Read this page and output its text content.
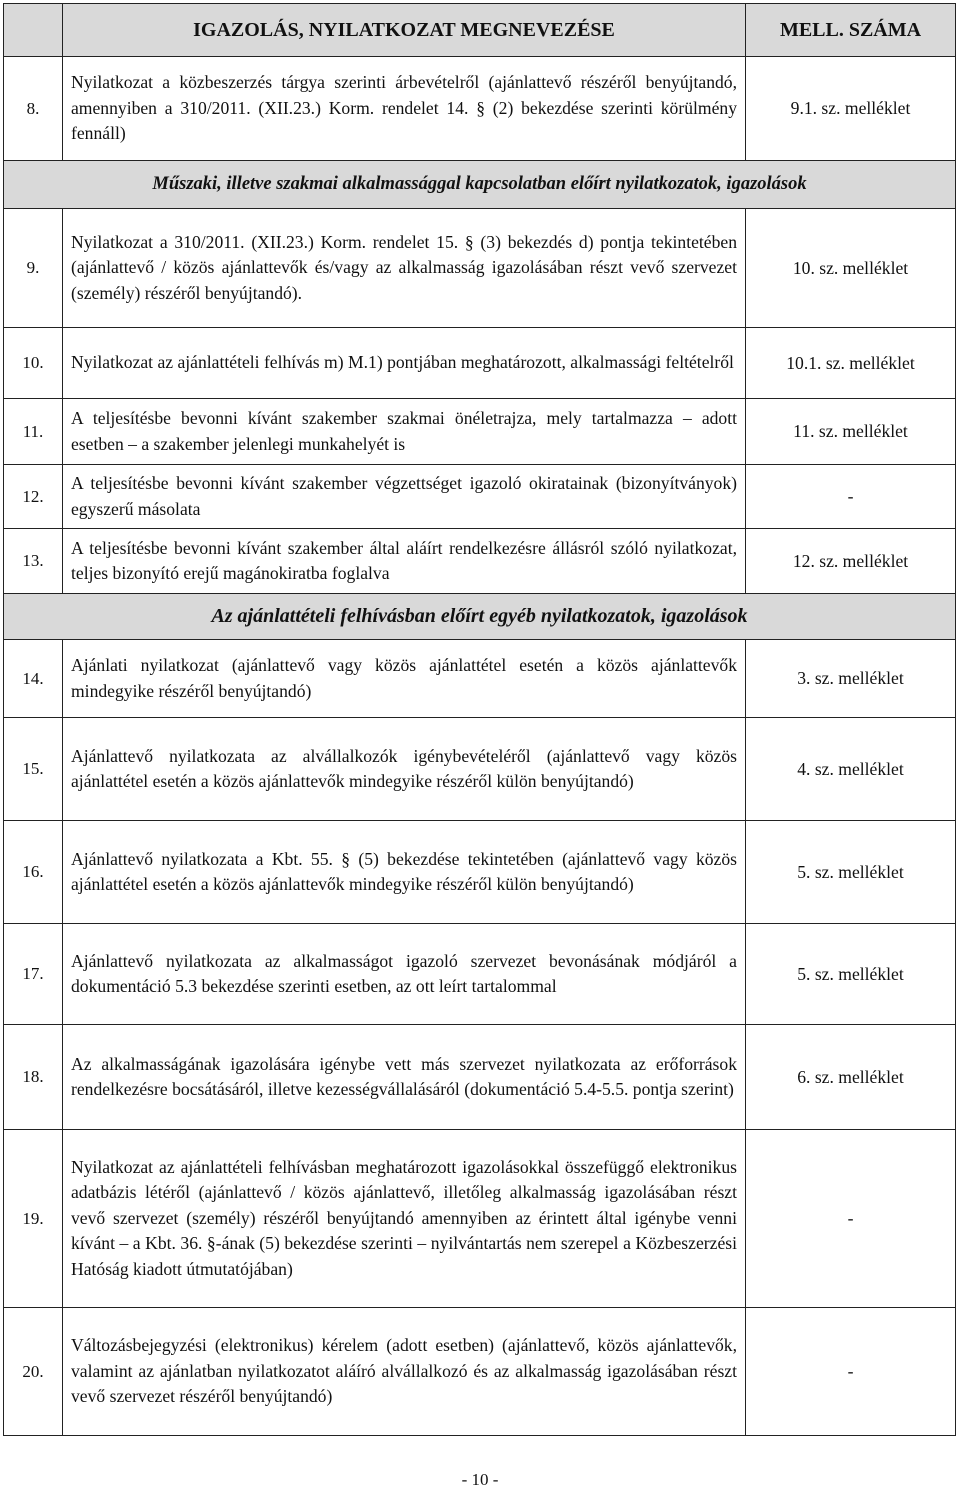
	IGAZOLÁS, NYILATKOZAT MEGNEVEZÉSE	MELL. SZÁMA
8.	Nyilatkozat a közbeszerzés tárgya szerinti árbevételről (ajánlattevő részéről benyújtandó, amennyiben a 310/2011. (XII.23.) Korm. rendelet 14. § (2) bekezdése szerinti körülmény fennáll)	9.1. sz. melléklet
Műszaki, illetve szakmai alkalmassággal kapcsolatban előírt nyilatkozatok, igazolások		
9.	Nyilatkozat a 310/2011. (XII.23.) Korm. rendelet 15. § (3) bekezdés d) pontja tekintetében (ajánlattevő / közös ajánlattevők és/vagy az alkalmasság igazolásában részt vevő szervezet (személy) részéről benyújtandó).	10. sz. melléklet
10.	Nyilatkozat az ajánlattételi felhívás m) M.1) pontjában meghatározott, alkalmassági feltételről	10.1. sz. melléklet
11.	A teljesítésbe bevonni kívánt szakember szakmai önéletrajza, mely tartalmazza – adott esetben – a szakember jelenlegi munkahelyét is	11. sz. melléklet
12.	A teljesítésbe bevonni kívánt szakember végzettséget igazoló okiratainak (bizonyítványok) egyszerű másolata	-
13.	A teljesítésbe bevonni kívánt szakember által aláírt rendelkezésre állásról szóló nyilatkozat, teljes bizonyító erejű magánokiratba foglalva	12. sz. melléklet
Az ajánlattételi felhívásban előírt egyéb nyilatkozatok, igazolások		
14.	Ajánlati nyilatkozat (ajánlattevő vagy közös ajánlattétel esetén a közös ajánlattevők mindegyike részéről benyújtandó)	3. sz. melléklet
15.	Ajánlattevő nyilatkozata az alvállalkozók igénybevételéről (ajánlattevő vagy közös ajánlattétel esetén a közös ajánlattevők mindegyike részéről külön benyújtandó)	4. sz. melléklet
16.	Ajánlattevő nyilatkozata a Kbt. 55. § (5) bekezdése tekintetében (ajánlattevő vagy közös ajánlattétel esetén a közös ajánlattevők mindegyike részéről külön benyújtandó)	5. sz. melléklet
17.	Ajánlattevő nyilatkozata az alkalmasságot igazoló szervezet bevonásának módjáról a dokumentáció 5.3 bekezdése szerinti esetben, az ott leírt tartalommal	5. sz. melléklet
18.	Az alkalmasságának igazolására igénybe vett más szervezet nyilatkozata az erőforrások rendelkezésre bocsátásáról, illetve kezességvállalásáról (dokumentáció 5.4-5.5. pontja szerint)	6. sz. melléklet
19.	Nyilatkozat az ajánlattételi felhívásban meghatározott igazolásokkal összefüggő elektronikus adatbázis létéről (ajánlattevő / közös ajánlattevő, illetőleg alkalmasság igazolásában részt vevő szervezet (személy) részéről benyújtandó amennyiben az érintett által igénybe venni kívánt – a Kbt. 36. §-ának (5) bekezdése szerinti – nyilvántartás nem szerepel a Közbeszerzési Hatóság kiadott útmutatójában)	-
20.	Változásbejegyzési (elektronikus) kérelem (adott esetben) (ajánlattevő, közös ajánlattevők, valamint az ajánlatban nyilatkozatot aláíró alvállalkozó és az alkalmasság igazolásában részt vevő szervezet részéről benyújtandó)	-
- 10 -
